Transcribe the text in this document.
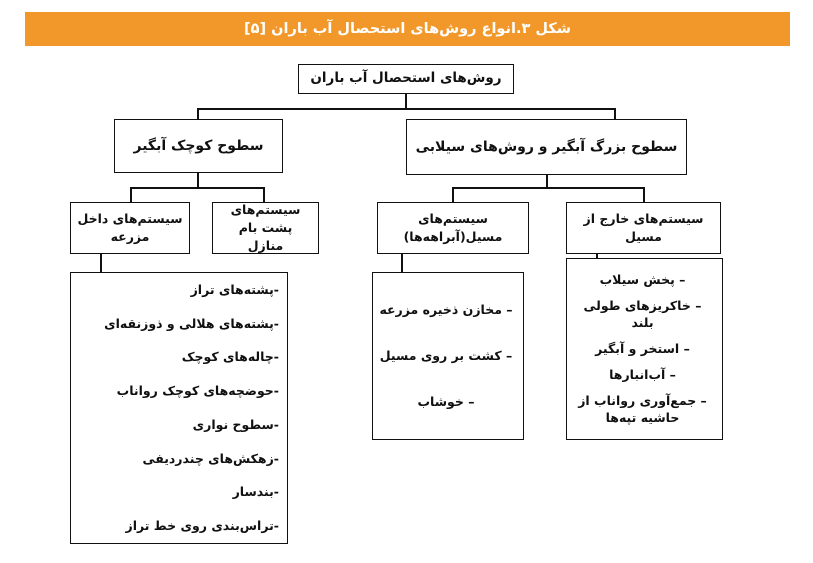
شکل ۳.انواع روش‌های استحصال آب باران [۵]
روش‌های استحصال آب باران
سطوح کوچک آبگیر	سطوح بزرگ آبگیر و روش‌های سیلابی
سیستم‌های داخل مزرعه
سیستم‌های پشت بام منازل
سیستم‌های مسیل(آبراهه‌ها)
سیستم‌های خارج از مسیل
-پشته‌های تراز
-پشته‌های هلالی و ذوزنقه‌ای
-چاله‌های کوچک
-حوضچه‌های کوچک رواناب
-سطوح نواری
-زهکش‌های چندردیفی
-بندسار
-تراس‌بندی روی خط تراز
– مخازن ذخیره مزرعه
– کشت بر روی مسیل
– خوشاب
– پخش سیلاب
– خاکریزهای طولی بلند
– استخر و آبگیر
– آب‌انبارها
– جمع‌آوری رواناب از حاشیه تپه‌ها
